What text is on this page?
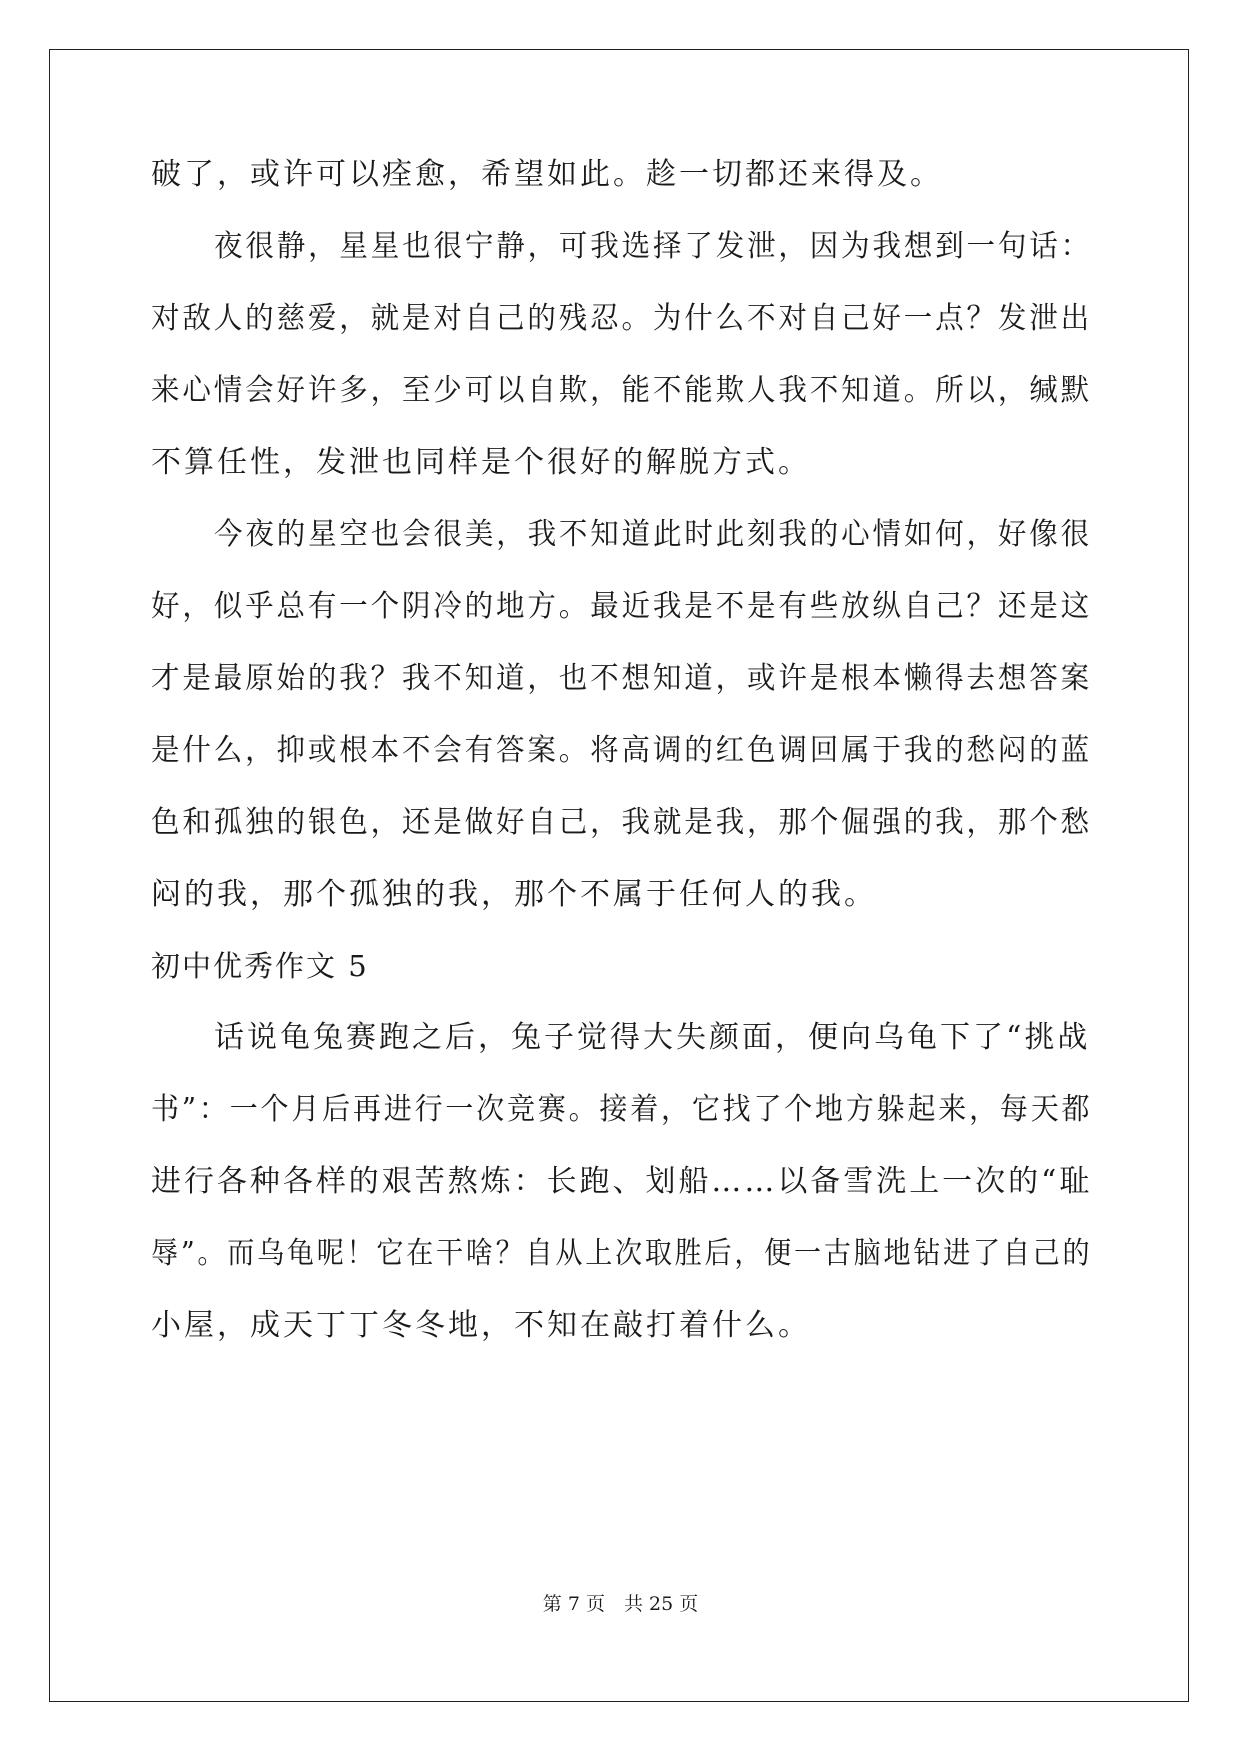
破了，或许可以痊愈，希望如此。趁一切都还来得及。
夜很静，星星也很宁静，可我选择了发泄，因为我想到一句话：
对敌人的慈爱，就是对自己的残忍。为什么不对自己好一点？发泄出
来心情会好许多，至少可以自欺，能不能欺人我不知道。所以，缄默
不算任性，发泄也同样是个很好的解脱方式。
今夜的星空也会很美，我不知道此时此刻我的心情如何，好像很
好，似乎总有一个阴冷的地方。最近我是不是有些放纵自己？还是这
才是最原始的我？我不知道，也不想知道，或许是根本懒得去想答案
是什么，抑或根本不会有答案。将高调的红色调回属于我的愁闷的蓝
色和孤独的银色，还是做好自己，我就是我，那个倔强的我，那个愁
闷的我，那个孤独的我，那个不属于任何人的我。
初中优秀作文 5
话说龟兔赛跑之后，兔子觉得大失颜面，便向乌龟下了“挑战
书”：一个月后再进行一次竞赛。接着，它找了个地方躲起来，每天都
进行各种各样的艰苦熬炼：长跑、划船……以备雪洗上一次的“耻
辱”。而乌龟呢！它在干啥？自从上次取胜后，便一古脑地钻进了自己的
小屋，成天丁丁冬冬地，不知在敲打着什么。
第 7 页　共 25 页
